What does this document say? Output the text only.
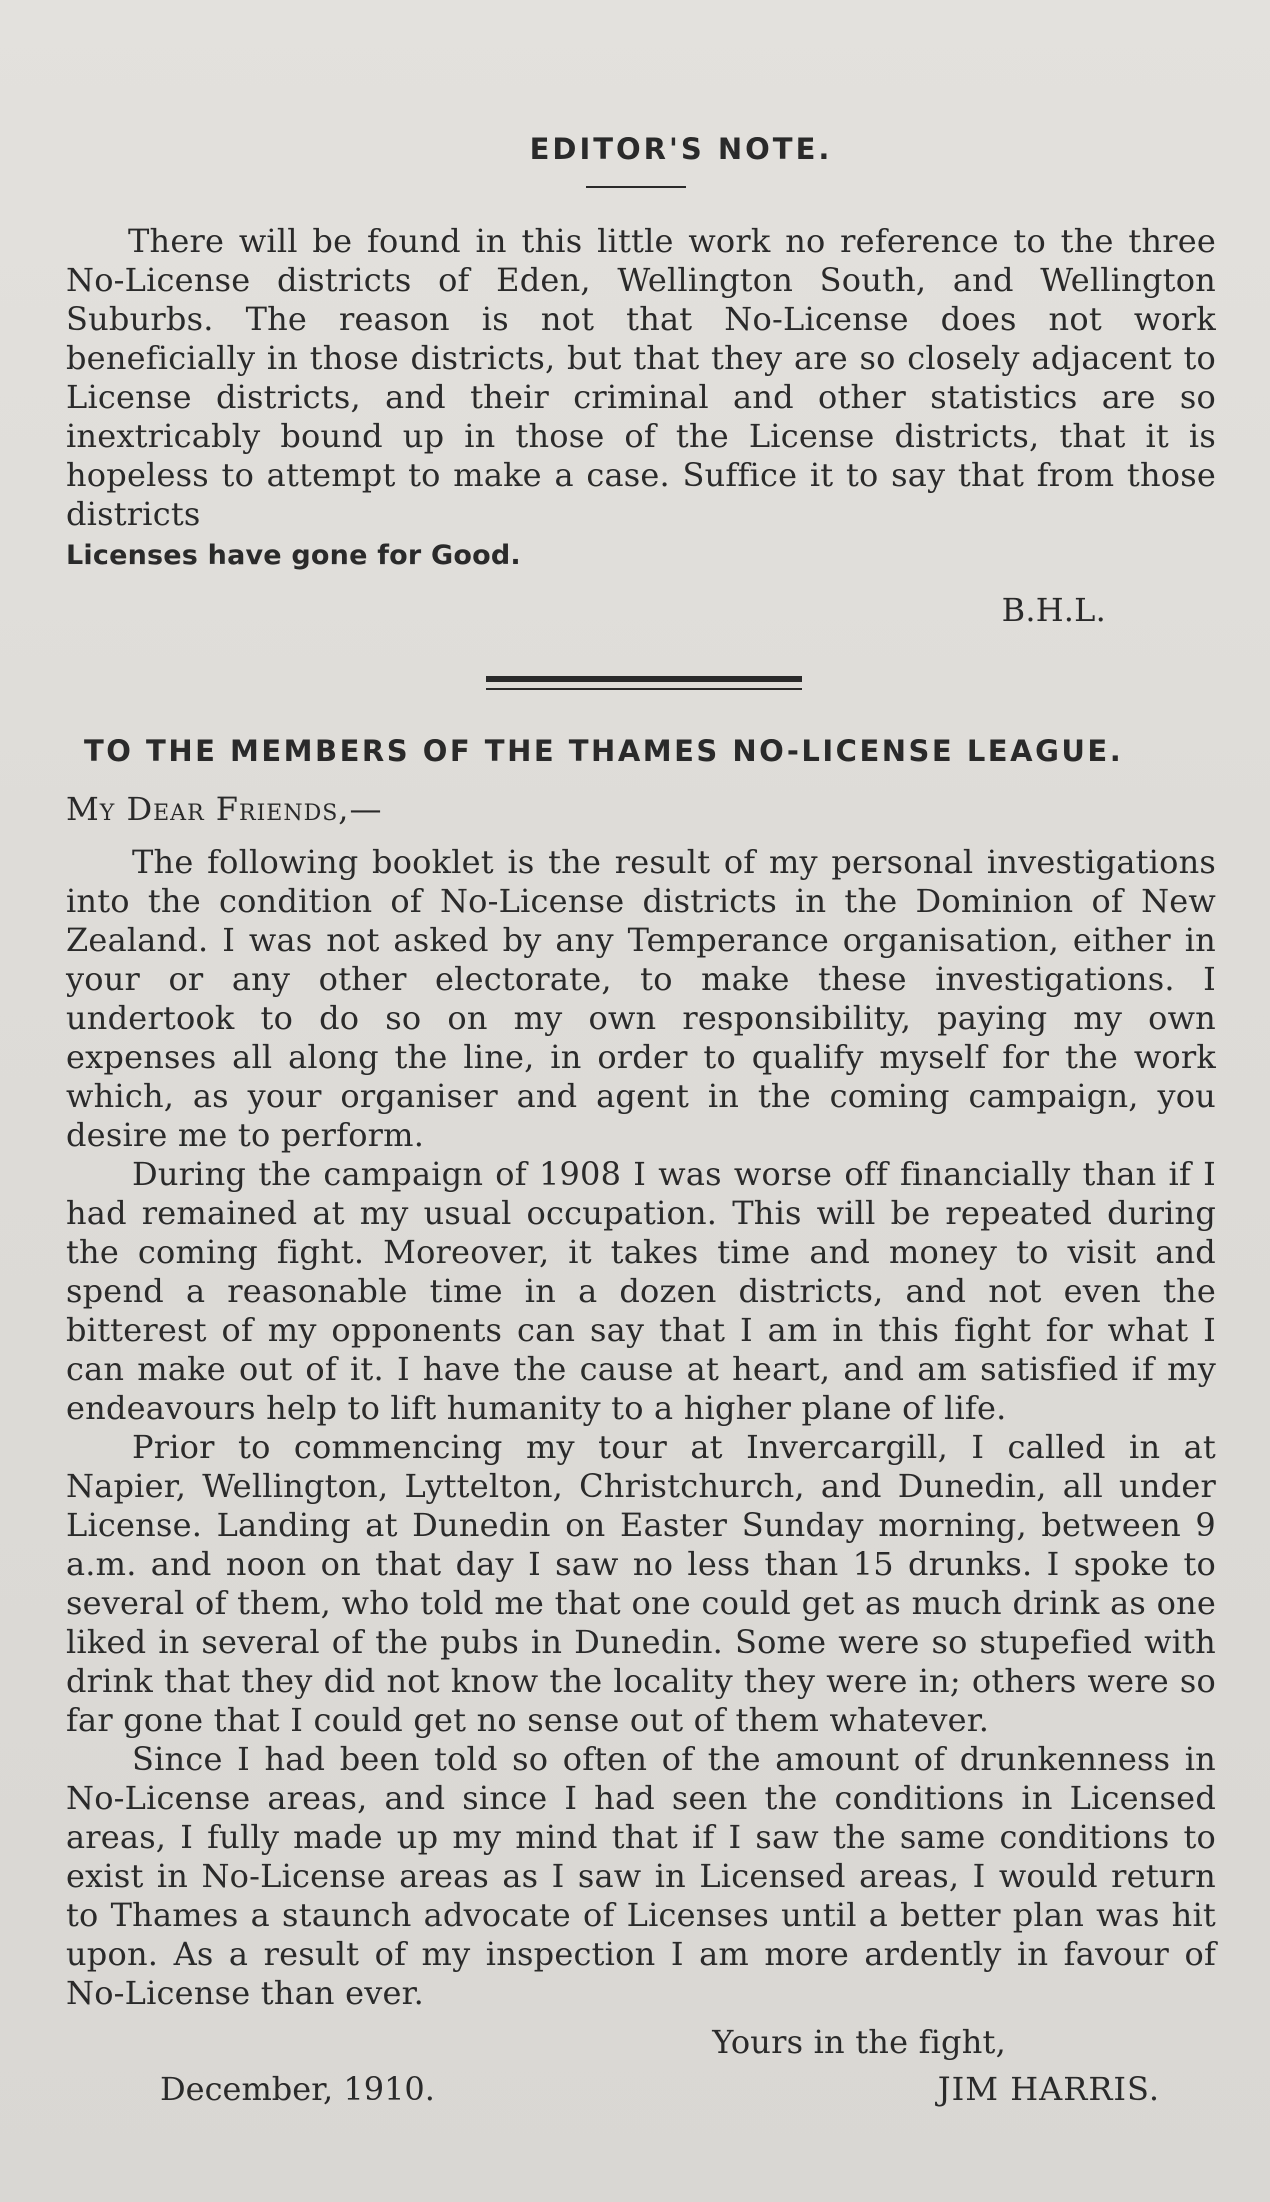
EDITOR'S NOTE.

There will be found in this little work no reference to the three No-License districts of Eden, Wellington South, and Wellington Suburbs. The reason is not that No-License does not work beneficially in those districts, but that they are so closely adjacent to License districts, and their criminal and other statistics are so inextricably bound up in those of the License districts, that it is hopeless to attempt to make a case. Suffice it to say that from those districts
Licenses have gone for Good.

B.H.L.

TO THE MEMBERS OF THE THAMES NO-LICENSE LEAGUE.

My Dear Friends,—

The following booklet is the result of my personal investigations into the condition of No-License districts in the Dominion of New Zealand. I was not asked by any Temperance organisation, either in your or any other electorate, to make these investigations. I undertook to do so on my own responsibility, paying my own expenses all along the line, in order to qualify myself for the work which, as your organiser and agent in the coming campaign, you desire me to perform.

During the campaign of 1908 I was worse off financially than if I had remained at my usual occupation. This will be repeated during the coming fight. Moreover, it takes time and money to visit and spend a reasonable time in a dozen districts, and not even the bitterest of my opponents can say that I am in this fight for what I can make out of it. I have the cause at heart, and am satisfied if my endeavours help to lift humanity to a higher plane of life.

Prior to commencing my tour at Invercargill, I called in at Napier, Wellington, Lyttelton, Christchurch, and Dunedin, all under License. Landing at Dunedin on Easter Sunday morning, between 9 a.m. and noon on that day I saw no less than 15 drunks. I spoke to several of them, who told me that one could get as much drink as one liked in several of the pubs in Dunedin. Some were so stupefied with drink that they did not know the locality they were in; others were so far gone that I could get no sense out of them whatever.

Since I had been told so often of the amount of drunkenness in No-License areas, and since I had seen the conditions in Licensed areas, I fully made up my mind that if I saw the same conditions to exist in No-License areas as I saw in Licensed areas, I would return to Thames a staunch advocate of Licenses until a better plan was hit upon. As a result of my inspection I am more ardently in favour of No-License than ever.

Yours in the fight,

December, 1910.	JIM HARRIS.
